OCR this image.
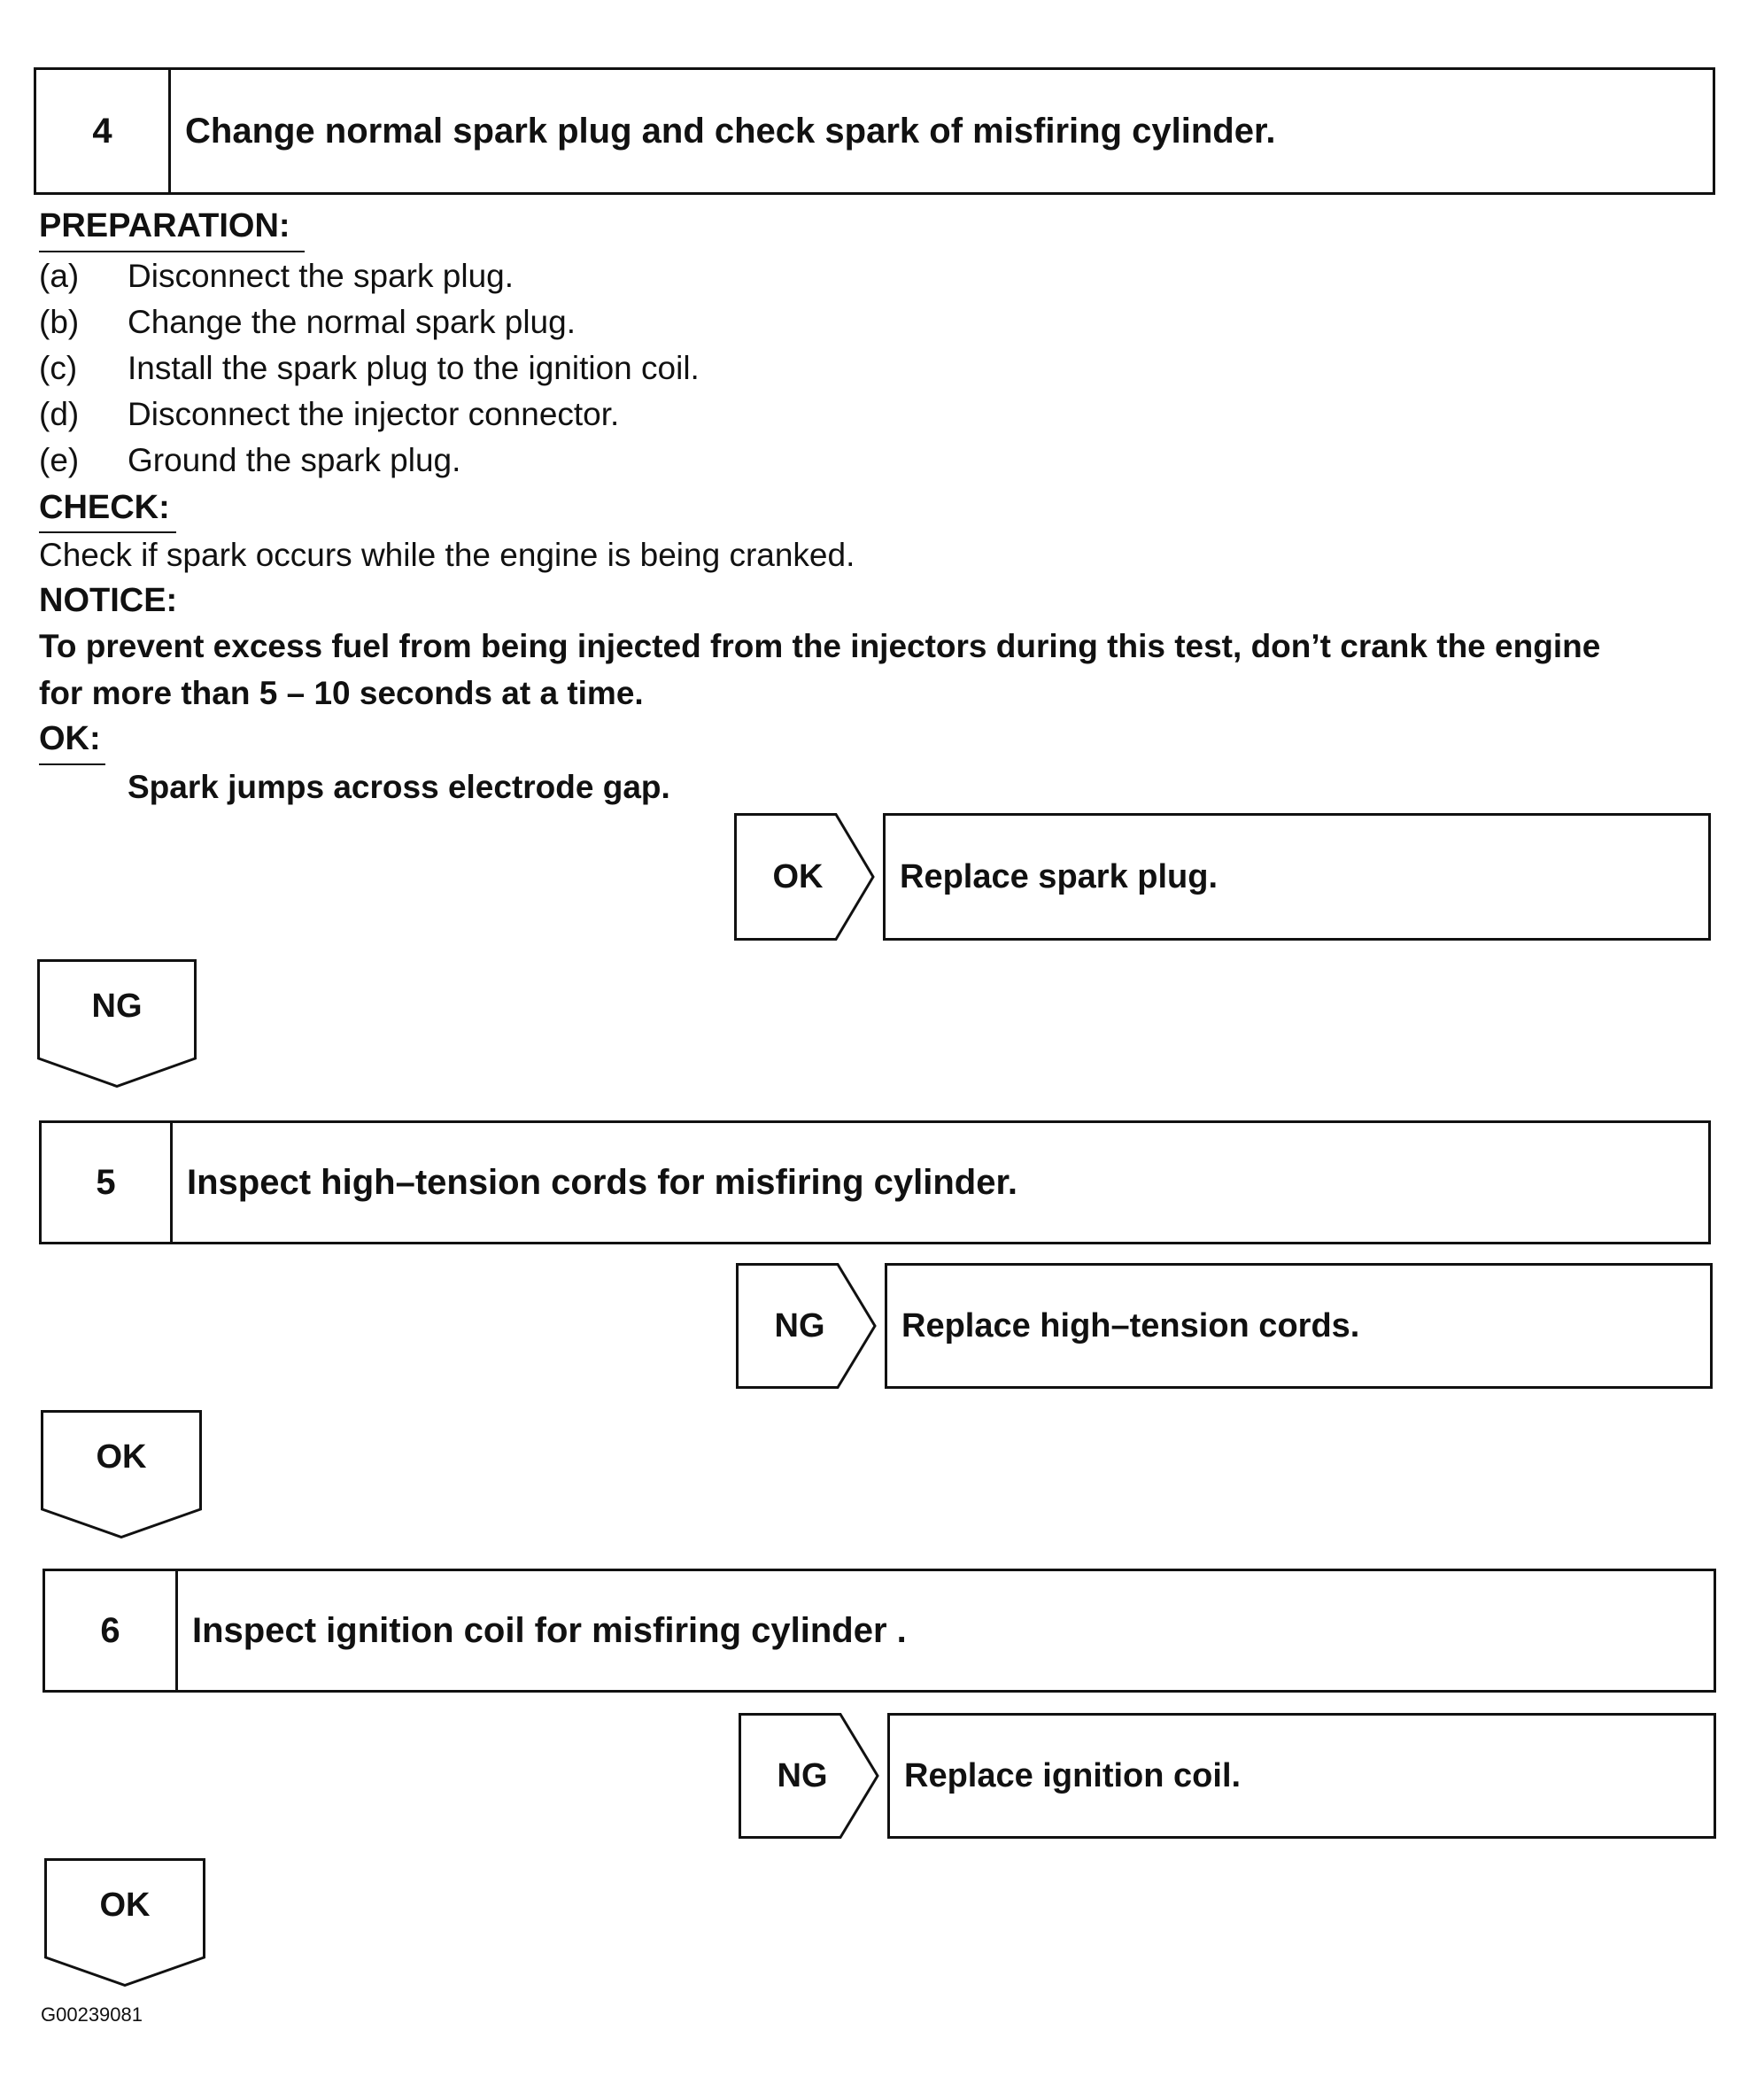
4	Change normal spark plug and check spark of misfiring cylinder.
PREPARATION:
(a) Disconnect the spark plug.
(b) Change the normal spark plug.
(c) Install the spark plug to the ignition coil.
(d) Disconnect the injector connector.
(e) Ground the spark plug.
CHECK:
Check if spark occurs while the engine is being cranked.
NOTICE:
To prevent excess fuel from being injected from the injectors during this test, don’t crank the engine
for more than 5 – 10 seconds at a time.
OK:
Spark jumps across electrode gap.
OK	Replace spark plug.
NG
5	Inspect high–tension cords for misfiring cylinder.
NG	Replace high–tension cords.
OK
6	Inspect ignition coil for misfiring cylinder .
NG	Replace ignition coil.
OK
G00239081
